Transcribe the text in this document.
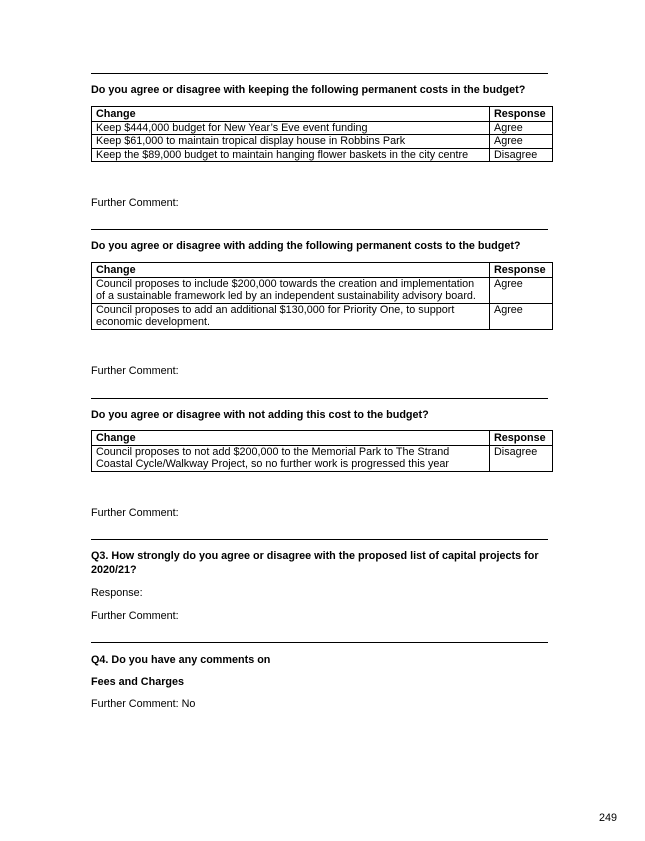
Do you agree or disagree with keeping the following permanent costs in the budget?
Change	Response
Keep $444,000 budget for New Year’s Eve event funding	Agree
Keep $61,000 to maintain tropical display house in Robbins Park	Agree
Keep the $89,000 budget to maintain hanging flower baskets in the city centre	Disagree
Further Comment:
Do you agree or disagree with adding the following permanent costs to the budget?
Change	Response
Council proposes to include $200,000 towards the creation and implementation of a sustainable framework led by an independent sustainability advisory board.	Agree
Council proposes to add an additional $130,000 for Priority One, to support economic development.	Agree
Further Comment:
Do you agree or disagree with not adding this cost to the budget?
Change	Response
Council proposes to not add $200,000 to the Memorial Park to The Strand Coastal Cycle/Walkway Project, so no further work is progressed this year	Disagree
Further Comment:
Q3. How strongly do you agree or disagree with the proposed list of capital projects for 2020/21?
Response:
Further Comment:
Q4. Do you have any comments on
Fees and Charges
Further Comment: No
249
